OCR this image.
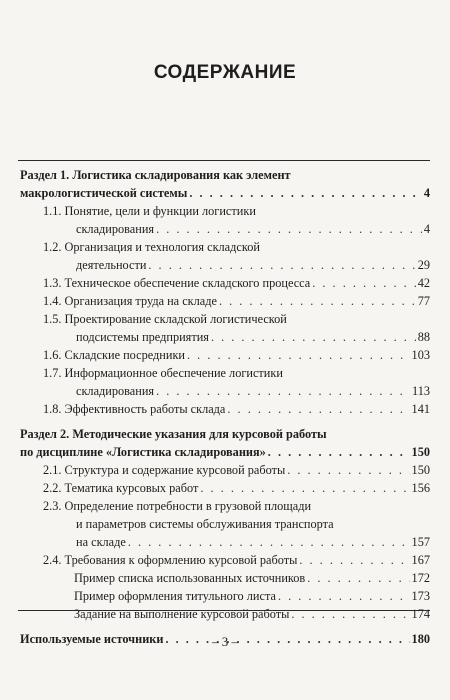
СОДЕРЖАНИЕ
Раздел 1. Логистика складирования как элемент
макрологистической системы . . .	4
1.1. Понятие, цели и функции логистики
складирования . . .	4
1.2. Организация и технология складской
деятельности . . .	29
1.3. Техническое обеспечение складского процесса . . .	42
1.4. Организация труда на складе . . .	77
1.5. Проектирование складской логистической
подсистемы предприятия . . .	88
1.6. Складские посредники . . .	103
1.7. Информационное обеспечение логистики
складирования . . .	113
1.8. Эффективность работы склада . . .	141
Раздел 2. Методические указания для курсовой работы
по дисциплине «Логистика складирования» . . .	150
2.1. Структура и содержание курсовой работы . . .	150
2.2. Тематика курсовых работ . . .	156
2.3. Определение потребности в грузовой площади
и параметров системы обслуживания транспорта
на складе . . .	157
2.4. Требования к оформлению курсовой работы . . .	167
Пример списка использованных источников . . .	172
Пример оформления титульного листа . . .	173
Задание на выполнение курсовой работы . . .	174
Используемые источники . . .	180
– 3 –
